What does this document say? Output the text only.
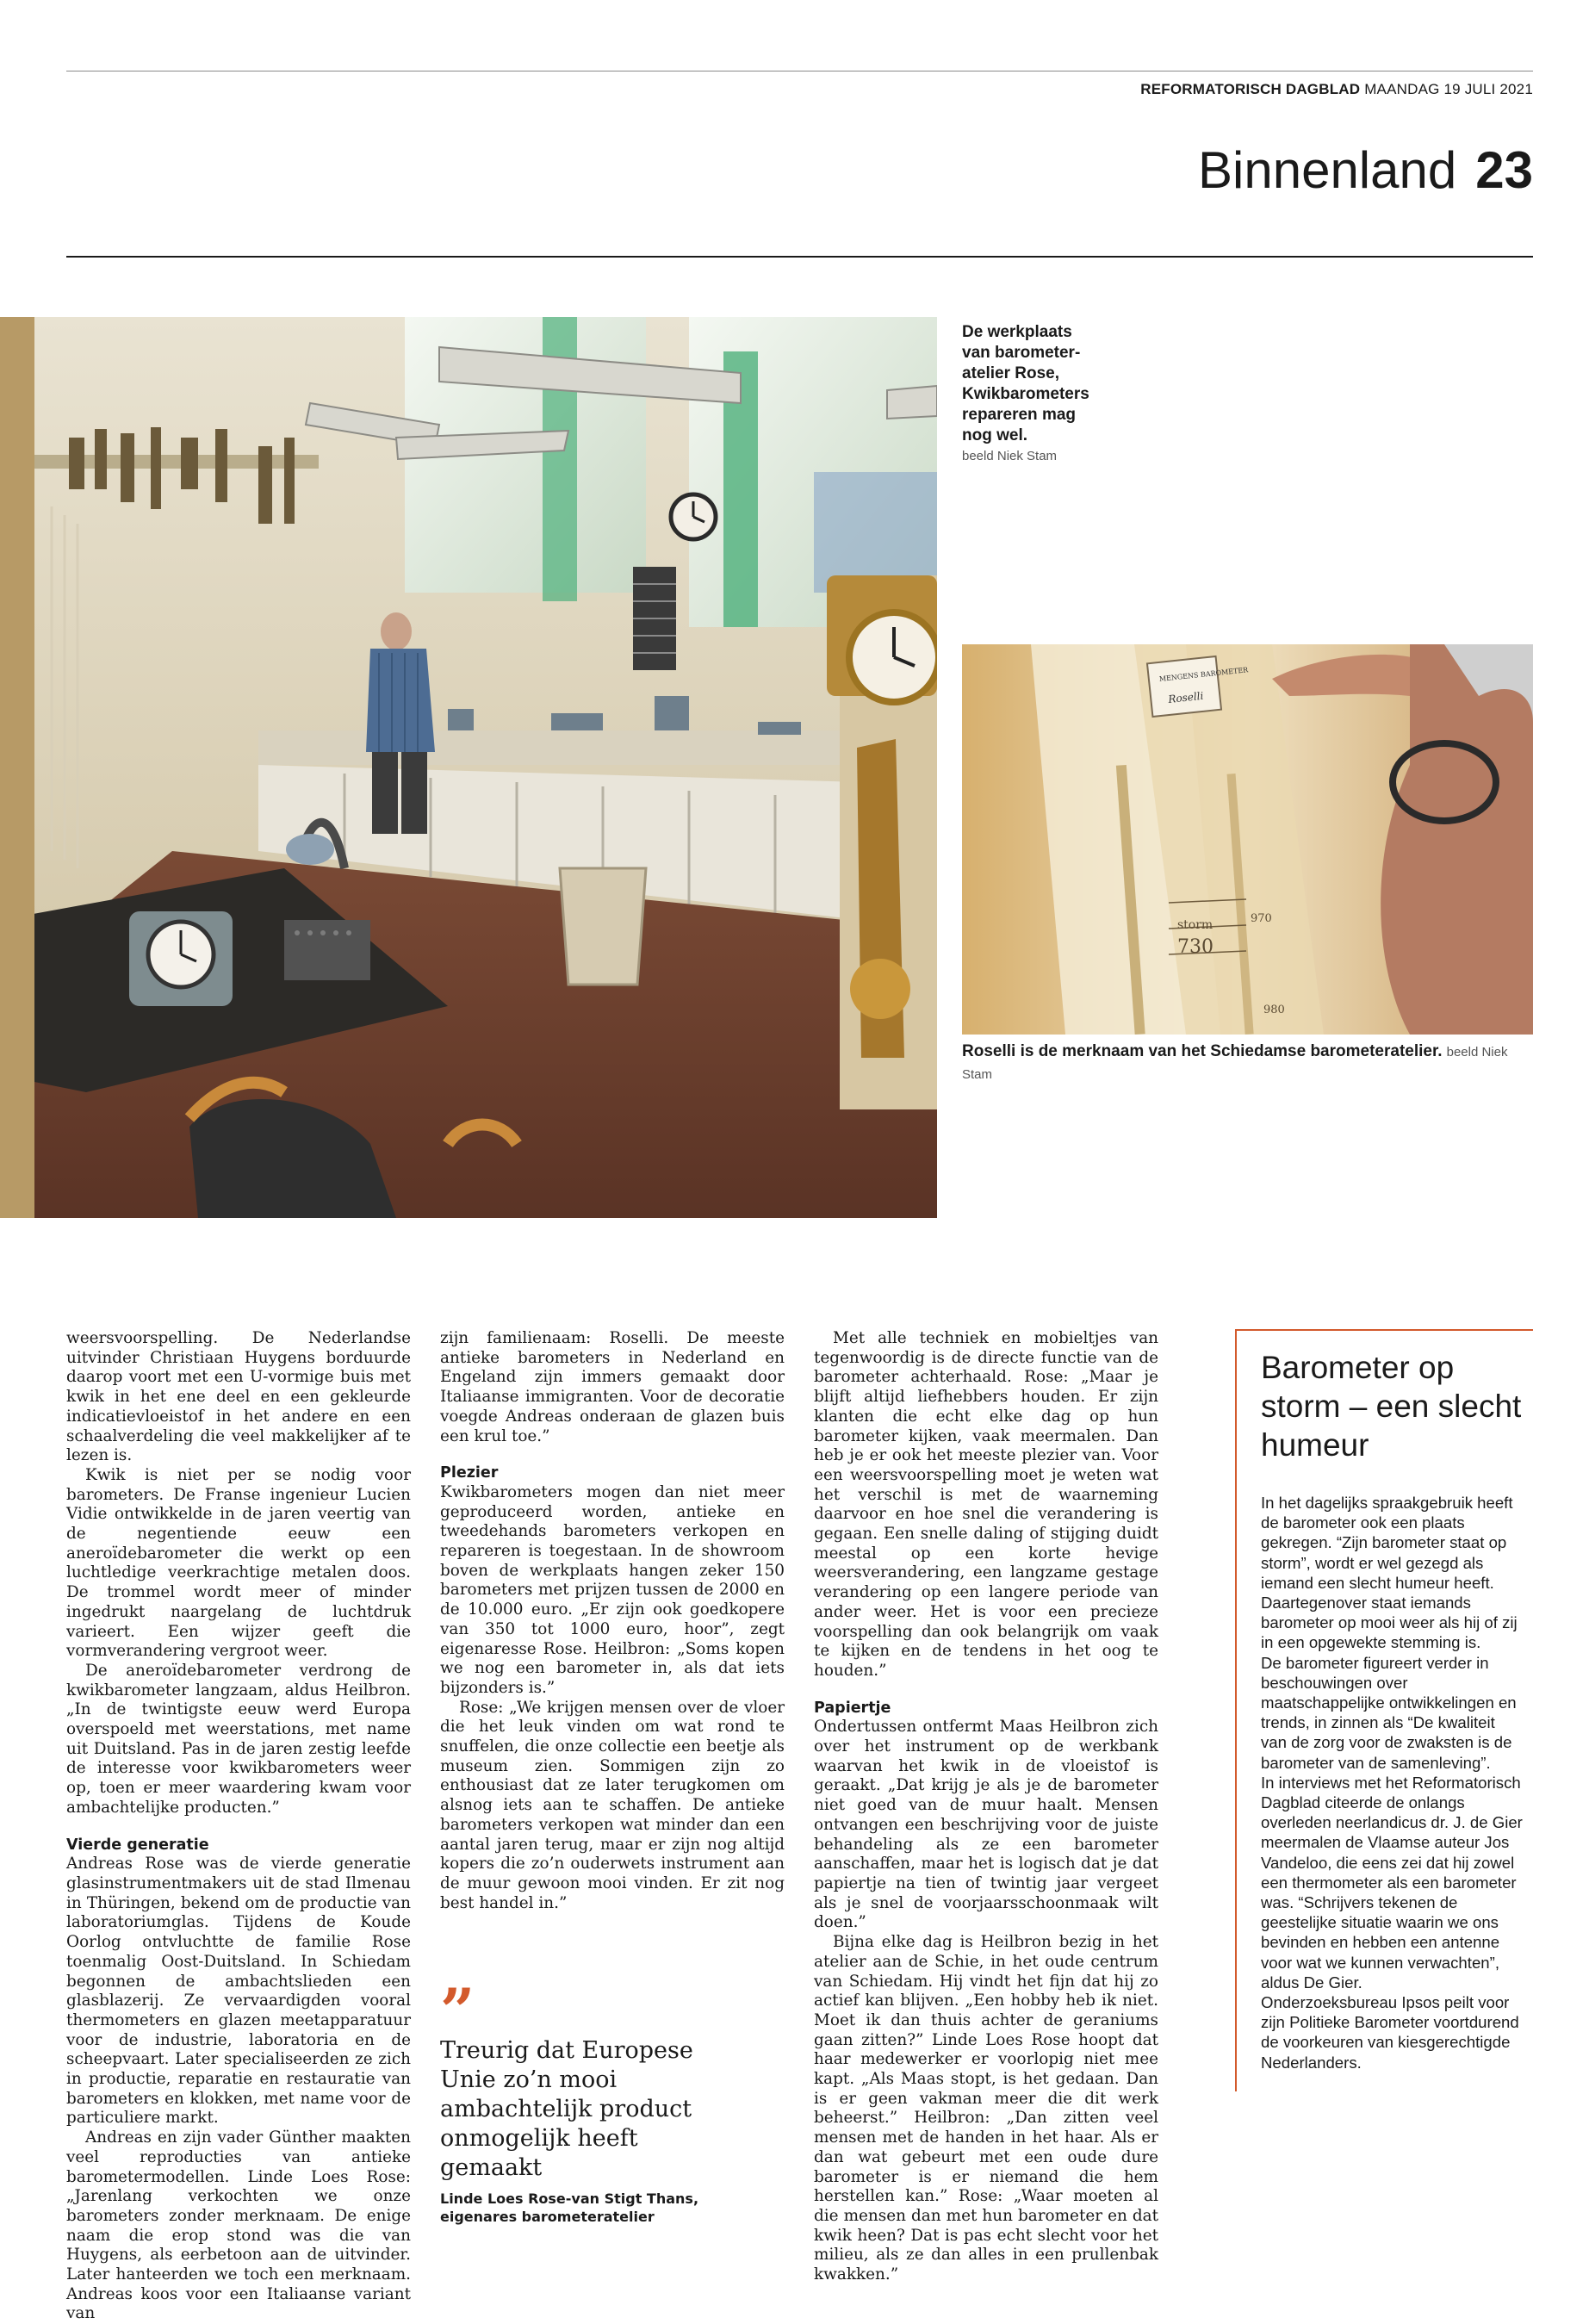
REFORMATORISCH DAGBLAD MAANDAG 19 JULI 2021
Binnenland 23
De werkplaats van barometeratelier Rose, Kwikbarometers repareren mag nog wel.
beeld Niek Stam
MENGENS BAROMETER
Roselli
storm
730
970
980
Roselli is de merknaam van het Schiedamse barometeratelier. beeld Niek Stam

weersvoorspelling. De Nederlandse uitvinder Christiaan Huygens borduurde daarop voort met een U-vormige buis met kwik in het ene deel en een gekleurde indicatievloeistof in het andere en een schaalverdeling die veel makkelijker af te lezen is.

Kwik is niet per se nodig voor barometers. De Franse ingenieur Lucien Vidie ontwikkelde in de jaren veertig van de negentiende eeuw een aneroïdebarometer die werkt op een luchtledige veerkrachtige metalen doos. De trommel wordt meer of minder ingedrukt naargelang de luchtdruk varieert. Een wijzer geeft die vormverandering vergroot weer.

De aneroïdebarometer verdrong de kwikbarometer langzaam, aldus Heilbron. „In de twintigste eeuw werd Europa overspoeld met weerstations, met name uit Duitsland. Pas in de jaren zestig leefde de interesse voor kwikbarometers weer op, toen er meer waardering kwam voor ambachtelijke producten.”

Vierde generatie

Andreas Rose was de vierde generatie glasinstrumentmakers uit de stad Ilmenau in Thüringen, bekend om de productie van laboratoriumglas. Tijdens de Koude Oorlog ontvluchtte de familie Rose toenmalig Oost-Duitsland. In Schiedam begonnen de ambachtslieden een glasblazerij. Ze vervaardigden vooral thermometers en glazen meetapparatuur voor de industrie, laboratoria en de scheepvaart. Later specialiseerden ze zich in productie, reparatie en restauratie van barometers en klokken, met name voor de particuliere markt.

Andreas en zijn vader Günther maakten veel reproducties van antieke barometermodellen. Linde Loes Rose: „Jarenlang verkochten we onze barometers zonder merknaam. De enige naam die erop stond was die van Huygens, als eerbetoon aan de uitvinder. Later hanteerden we toch een merknaam. Andreas koos voor een Italiaanse variant van

zijn familienaam: Roselli. De meeste antieke barometers in Nederland en Engeland zijn immers gemaakt door Italiaanse immigranten. Voor de decoratie voegde Andreas onderaan de glazen buis een krul toe.”

Plezier

Kwikbarometers mogen dan niet meer geproduceerd worden, antieke en tweedehands barometers verkopen en repareren is toegestaan. In de showroom boven de werkplaats hangen zeker 150 barometers met prijzen tussen de 2000 en de 10.000 euro. „Er zijn ook goedkopere van 350 tot 1000 euro, hoor”, zegt eigenaresse Rose. Heilbron: „Soms kopen we nog een barometer in, als dat iets bijzonders is.”

Rose: „We krijgen mensen over de vloer die het leuk vinden om wat rond te snuffelen, die onze collectie een beetje als museum zien. Sommigen zijn zo enthousiast dat ze later terugkomen om alsnog iets aan te schaffen. De antieke barometers verkopen wat minder dan een aantal jaren terug, maar er zijn nog altijd kopers die zo’n ouderwets instrument aan de muur gewoon mooi vinden. Er zit nog best handel in.”

Met alle techniek en mobieltjes van tegenwoordig is de directe functie van de barometer achterhaald. Rose: „Maar je blijft altijd liefhebbers houden. Er zijn klanten die echt elke dag op hun barometer kijken, vaak meermalen. Dan heb je er ook het meeste plezier van. Voor een weersvoorspelling moet je weten wat het verschil is met de waarneming daarvoor en hoe snel die verandering is gegaan. Een snelle daling of stijging duidt meestal op een korte hevige weersverandering, een langzame gestage verandering op een langere periode van ander weer. Het is voor een precieze voorspelling dan ook belangrijk om vaak te kijken en de tendens in het oog te houden.”

Papiertje

Ondertussen ontfermt Maas Heilbron zich over het instrument op de werkbank waarvan het kwik in de vloeistof is geraakt. „Dat krijg je als je de barometer niet goed van de muur haalt. Mensen ontvangen een beschrijving voor de juiste behandeling als ze een barometer aanschaffen, maar het is logisch dat je dat papiertje na tien of twintig jaar vergeet als je snel de voorjaarsschoonmaak wilt doen.”

Bijna elke dag is Heilbron bezig in het atelier aan de Schie, in het oude centrum van Schiedam. Hij vindt het fijn dat hij zo actief kan blijven. „Een hobby heb ik niet. Moet ik dan thuis achter de geraniums gaan zitten?” Linde Loes Rose hoopt dat haar medewerker er voorlopig niet mee kapt. „Als Maas stopt, is het gedaan. Dan is er geen vakman meer die dit werk beheerst.” Heilbron: „Dan zitten veel mensen met de handen in het haar. Als er dan wat gebeurt met een oude dure barometer is er niemand die hem herstellen kan.” Rose: „Waar moeten al die mensen dan met hun barometer en dat kwik heen? Dat is pas echt slecht voor het milieu, als ze dan alles in een prullenbak kwakken.”

”
Treurig dat Europese Unie zo’n mooi ambachtelijk product onmogelijk heeft gemaakt
Linde Loes Rose-van Stigt Thans, eigenares barometeratelier
Barometer op storm – een slecht humeur

In het dagelijks spraakgebruik heeft de barometer ook een plaats gekregen. “Zijn barometer staat op storm”, wordt er wel gezegd als iemand een slecht humeur heeft. Daartegenover staat iemands barometer op mooi weer als hij of zij in een opgewekte stemming is.

De barometer figureert verder in beschouwingen over maatschappelijke ontwikkelingen en trends, in zinnen als “De kwaliteit van de zorg voor de zwaksten is de barometer van de samenleving”.

In interviews met het Reformatorisch Dagblad citeerde de onlangs overleden neerlandicus dr. J. de Gier meermalen de Vlaamse auteur Jos Vandeloo, die eens zei dat hij zowel een thermometer als een barometer was. “Schrijvers tekenen de geestelijke situatie waarin we ons bevinden en hebben een antenne voor wat we kunnen verwachten”, aldus De Gier.

Onderzoeksbureau Ipsos peilt voor zijn Politieke Barometer voortdurend de voorkeuren van kiesgerechtigde Nederlanders.
